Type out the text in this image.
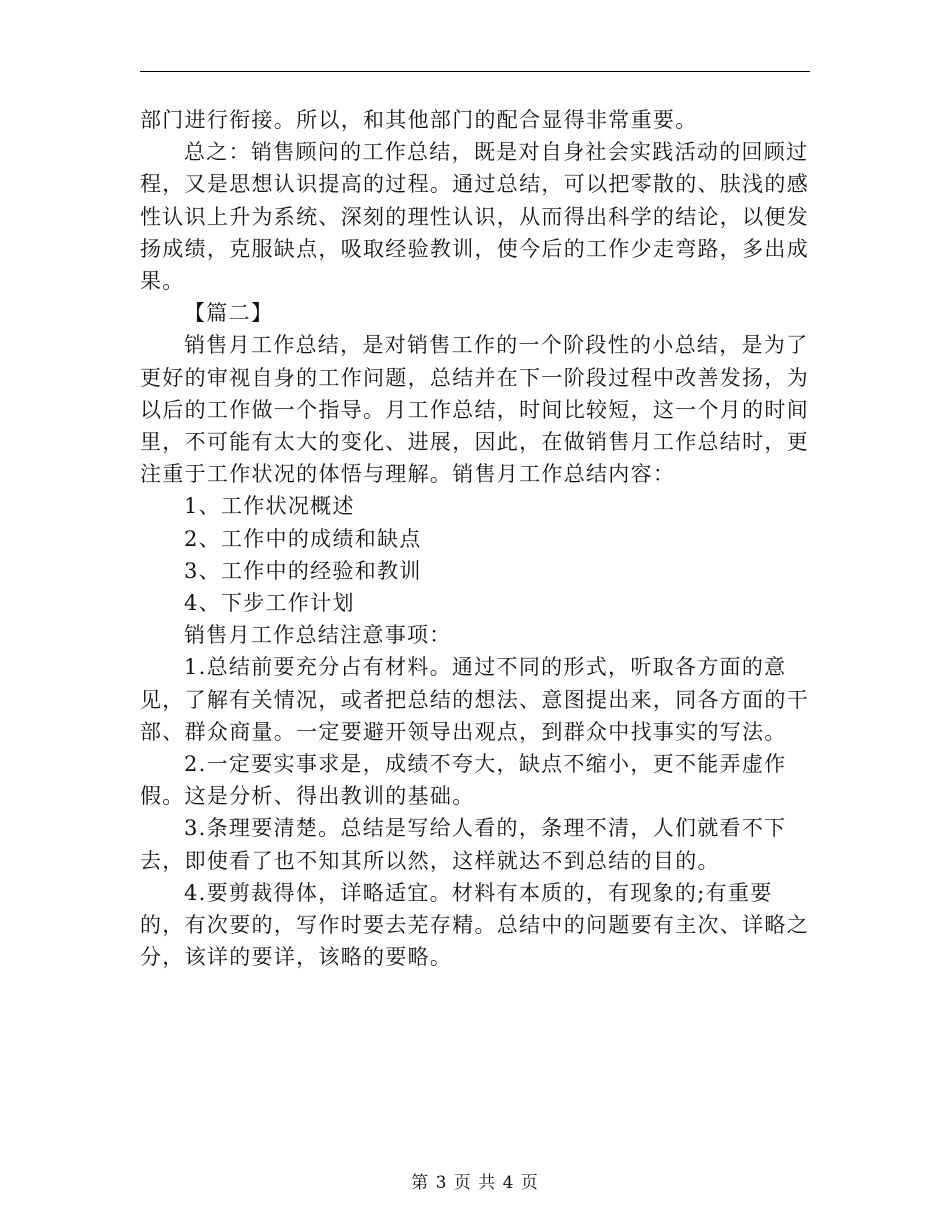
部门进行衔接。所以，和其他部门的配合显得非常重要。

总之：销售顾问的工作总结，既是对自身社会实践活动的回顾过程，又是思想认识提高的过程。通过总结，可以把零散的、肤浅的感性认识上升为系统、深刻的理性认识，从而得出科学的结论，以便发扬成绩，克服缺点，吸取经验教训，使今后的工作少走弯路，多出成果。

【篇二】

销售月工作总结，是对销售工作的一个阶段性的小总结，是为了更好的审视自身的工作问题，总结并在下一阶段过程中改善发扬，为以后的工作做一个指导。月工作总结，时间比较短，这一个月的时间里，不可能有太大的变化、进展，因此，在做销售月工作总结时，更注重于工作状况的体悟与理解。销售月工作总结内容：

1、工作状况概述

2、工作中的成绩和缺点

3、工作中的经验和教训

4、下步工作计划

销售月工作总结注意事项：

1.总结前要充分占有材料。通过不同的形式，听取各方面的意见，了解有关情况，或者把总结的想法、意图提出来，同各方面的干部、群众商量。一定要避开领导出观点，到群众中找事实的写法。

2.一定要实事求是，成绩不夸大，缺点不缩小，更不能弄虚作假。这是分析、得出教训的基础。

3.条理要清楚。总结是写给人看的，条理不清，人们就看不下去，即使看了也不知其所以然，这样就达不到总结的目的。

4.要剪裁得体，详略适宜。材料有本质的，有现象的;有重要的，有次要的，写作时要去芜存精。总结中的问题要有主次、详略之分，该详的要详，该略的要略。

第 3 页 共 4 页
